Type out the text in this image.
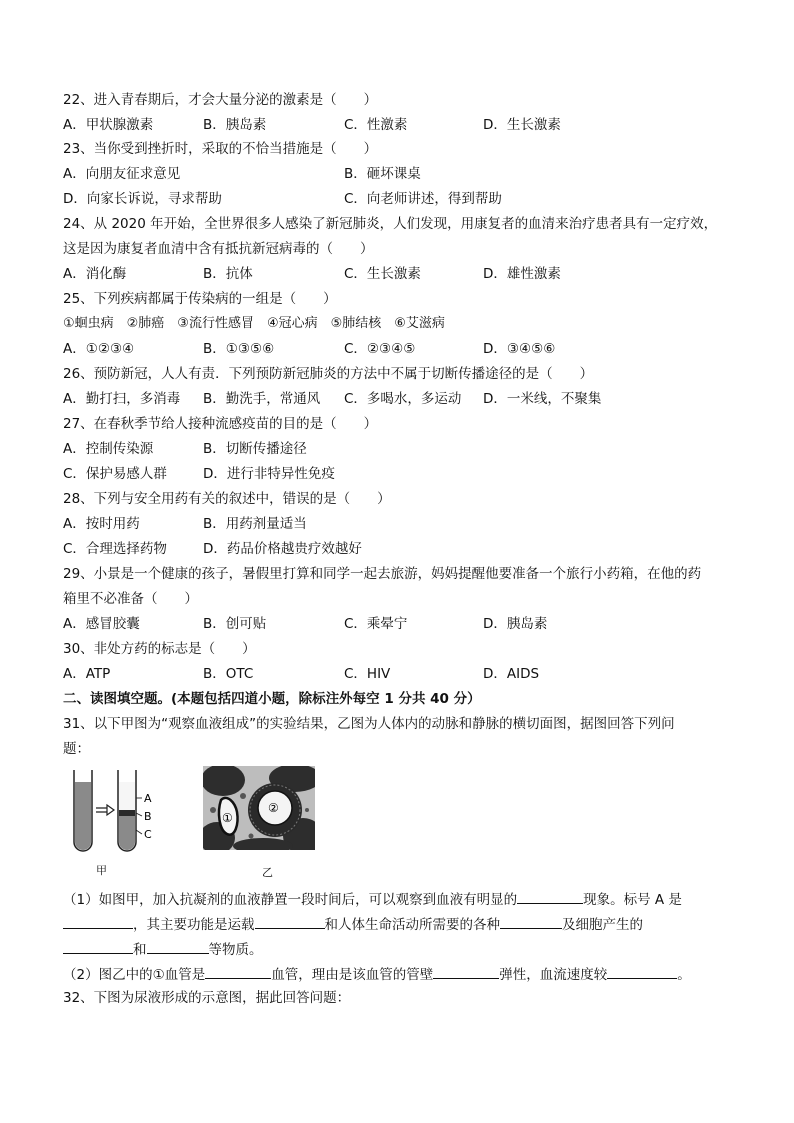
22、进入青春期后，才会大量分泌的激素是（　　）
A．甲状腺激素	B．胰岛素	C．性激素	D．生长激素
23、当你受到挫折时，采取的不恰当措施是（　　）
A．向朋友征求意见	B．砸坏课桌
D．向家长诉说，寻求帮助	C．向老师讲述，得到帮助
24、从 2020 年开始，全世界很多人感染了新冠肺炎，人们发现，用康复者的血清来治疗患者具有一定疗效，
这是因为康复者血清中含有抵抗新冠病毒的（　　）
A．消化酶	B．抗体	C．生长激素	D．雄性激素
25、下列疾病都属于传染病的一组是（　　）
①蛔虫病　②肺癌　③流行性感冒　④冠心病　⑤肺结核　⑥艾滋病
A．①②③④	B．①③⑤⑥	C．②③④⑤	D．③④⑤⑥
26、预防新冠，人人有责．下列预防新冠肺炎的方法中不属于切断传播途径的是（　　）
A．勤打扫，多消毒 B．勤洗手，常通风 C．多喝水，多运动 D．一米线，不聚集
27、在春秋季节给人接种流感疫苗的目的是（　　）
A．控制传染源	B．切断传播途径
C．保护易感人群	D．进行非特异性免疫
28、下列与安全用药有关的叙述中，错误的是（　　）
A．按时用药	B．用药剂量适当
C．合理选择药物	D．药品价格越贵疗效越好
29、小景是一个健康的孩子，暑假里打算和同学一起去旅游，妈妈提醒他要准备一个旅行小药箱，在他的药
箱里不必准备（　　）
A．感冒胶囊	B．创可贴	C．乘晕宁	D．胰岛素
30、非处方药的标志是（　　）
A．ATP	B．OTC	C．HIV	D．AIDS
二、读图填空题。(本题包括四道小题，除标注外每空 1 分共 40 分）
31、以下甲图为“观察血液组成”的实验结果，乙图为人体内的动脉和静脉的横切面图，据图回答下列问
题：
A
B
C
甲
①
②
乙
（1）如图甲，加入抗凝剂的血液静置一段时间后，可以观察到血液有明显的	现象。标号 A 是
，其主要功能是运载	和人体生命活动所需要的各种	及细胞产生的
和	等物质。
（2）图乙中的①血管是	血管，理由是该血管的管壁	弹性，血流速度较	。
32、下图为尿液形成的示意图，据此回答问题：
